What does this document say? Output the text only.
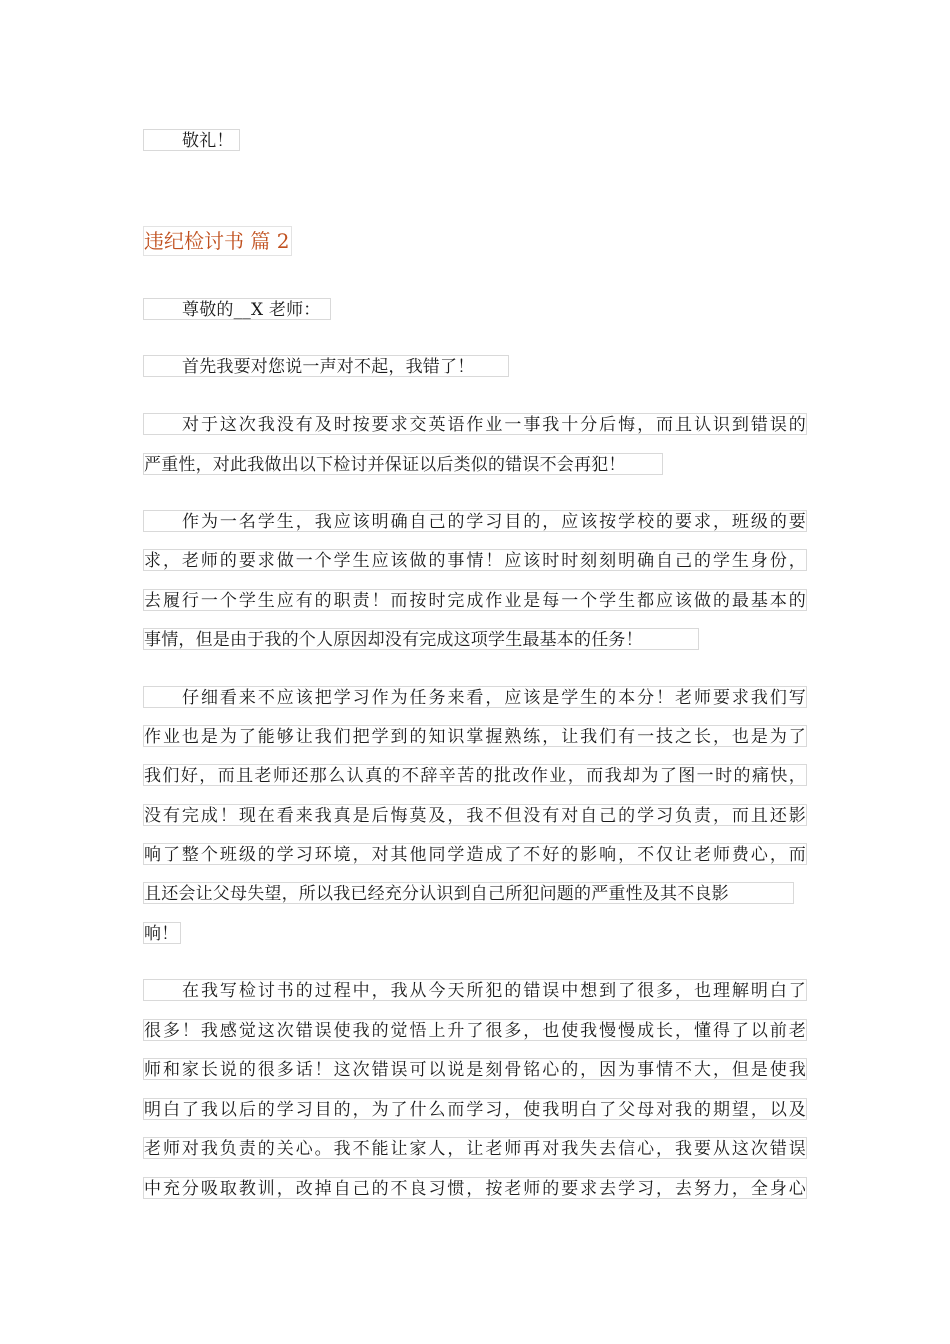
敬礼！
违纪检讨书 篇 2
尊敬的__X 老师：
首先我要对您说一声对不起，我错了！
对于这次我没有及时按要求交英语作业一事我十分后悔，而且认识到错误的
严重性，对此我做出以下检讨并保证以后类似的错误不会再犯！
作为一名学生，我应该明确自己的学习目的，应该按学校的要求，班级的要
求，老师的要求做一个学生应该做的事情！应该时时刻刻明确自己的学生身份，
去履行一个学生应有的职责！而按时完成作业是每一个学生都应该做的最基本的
事情，但是由于我的个人原因却没有完成这项学生最基本的任务！
仔细看来不应该把学习作为任务来看，应该是学生的本分！老师要求我们写
作业也是为了能够让我们把学到的知识掌握熟练，让我们有一技之长，也是为了
我们好，而且老师还那么认真的不辞辛苦的批改作业，而我却为了图一时的痛快，
没有完成！现在看来我真是后悔莫及，我不但没有对自己的学习负责，而且还影
响了整个班级的学习环境，对其他同学造成了不好的影响，不仅让老师费心，而
且还会让父母失望，所以我已经充分认识到自己所犯问题的严重性及其不良影
响！
在我写检讨书的过程中，我从今天所犯的错误中想到了很多，也理解明白了
很多！我感觉这次错误使我的觉悟上升了很多，也使我慢慢成长，懂得了以前老
师和家长说的很多话！这次错误可以说是刻骨铭心的，因为事情不大，但是使我
明白了我以后的学习目的，为了什么而学习，使我明白了父母对我的期望，以及
老师对我负责的关心。我不能让家人，让老师再对我失去信心，我要从这次错误
中充分吸取教训，改掉自己的不良习惯，按老师的要求去学习，去努力，全身心
